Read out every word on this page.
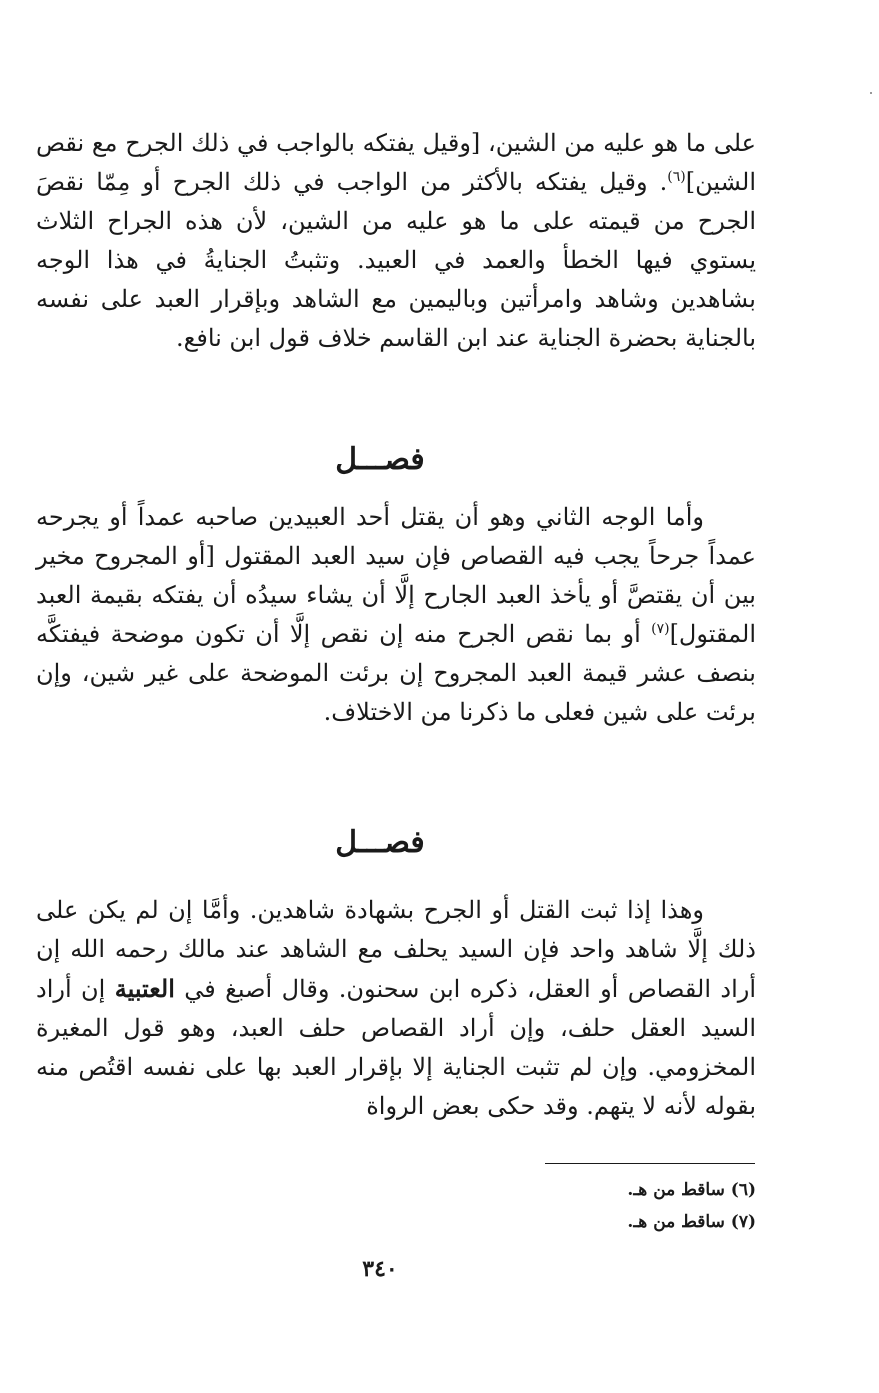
على ما هو عليه من الشين، [وقيل يفتكه بالواجب في ذلك الجرح مع نقص الشين]$^{(٦)}$. وقيل يفتكه بالأكثر من الواجب في ذلك الجرح أو مِمّا نقصَ الجرح من قيمته على ما هو عليه من الشين، لأن هذه الجراح الثلاث يستوي فيها الخطأ والعمد في العبيد. وتثبتُ الجنايةُ في هذا الوجه بشاهدين وشاهد وامرأتين وباليمين مع الشاهد وبإقرار العبد على نفسه بالجناية بحضرة الجناية عند ابن القاسم خلاف قول ابن نافع.

فصـــل

وأما الوجه الثاني وهو أن يقتل أحد العبيدين صاحبه عمداً أو يجرحه عمداً جرحاً يجب فيه القصاص فإن سيد العبد المقتول [أو المجروح مخير بين أن يقتصَّ أو يأخذ العبد الجارح إلَّا أن يشاء سيدُه أن يفتكه بقيمة العبد المقتول]$^{(٧)}$ أو بما نقص الجرح منه إن نقص إلَّا أن تكون موضحة فيفتكَّه بنصف عشر قيمة العبد المجروح إن برئت الموضحة على غير شين، وإن برئت على شين فعلى ما ذكرنا من الاختلاف.

فصـــل

وهذا إذا ثبت القتل أو الجرح بشهادة شاهدين. وأمَّا إن لم يكن على ذلك إلَّا شاهد واحد فإن السيد يحلف مع الشاهد عند مالك رحمه الله إن أراد القصاص أو العقل، ذكره ابن سحنون. وقال أصبغ في العتبية إن أراد السيد العقل حلف، وإن أراد القصاص حلف العبد، وهو قول المغيرة المخزومي. وإن لم تثبت الجناية إلا بإقرار العبد بها على نفسه اقتُص منه بقوله لأنه لا يتهم. وقد حكى بعض الرواة

(٦) ساقط من هـ.
(٧) ساقط من هـ.
٣٤٠
